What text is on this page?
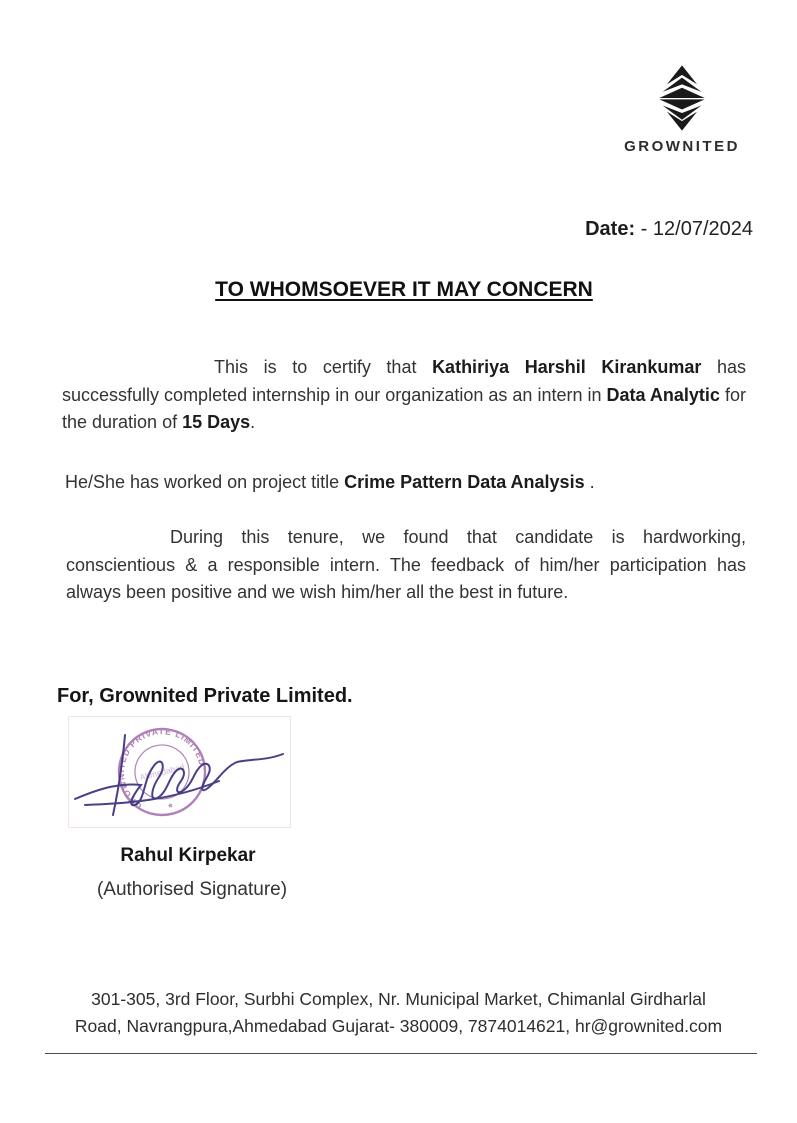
GROWNITED
Date: - 12/07/2024
TO WHOMSOEVER IT MAY CONCERN

This is to certify that Kathiriya Harshil Kirankumar has successfully completed internship in our organization as an intern in Data Analytic for the duration of 15 Days.

He/She has worked on project title Crime Pattern Data Analysis .

During this tenure, we found that candidate is hardworking, conscientious & a responsible intern. The feedback of him/her participation has always been positive and we wish him/her all the best in future.

For, Grownited Private Limited.
GROWNITED PRIVATE LIMITED
Ahmedabad
*
Rahul Kirpekar
(Authorised Signature)
301-305, 3rd Floor, Surbhi Complex, Nr. Municipal Market, Chimanlal Girdharlal
Road, Navrangpura,Ahmedabad Gujarat- 380009, 7874014621, hr@grownited.com
________________________________________________________________________________
